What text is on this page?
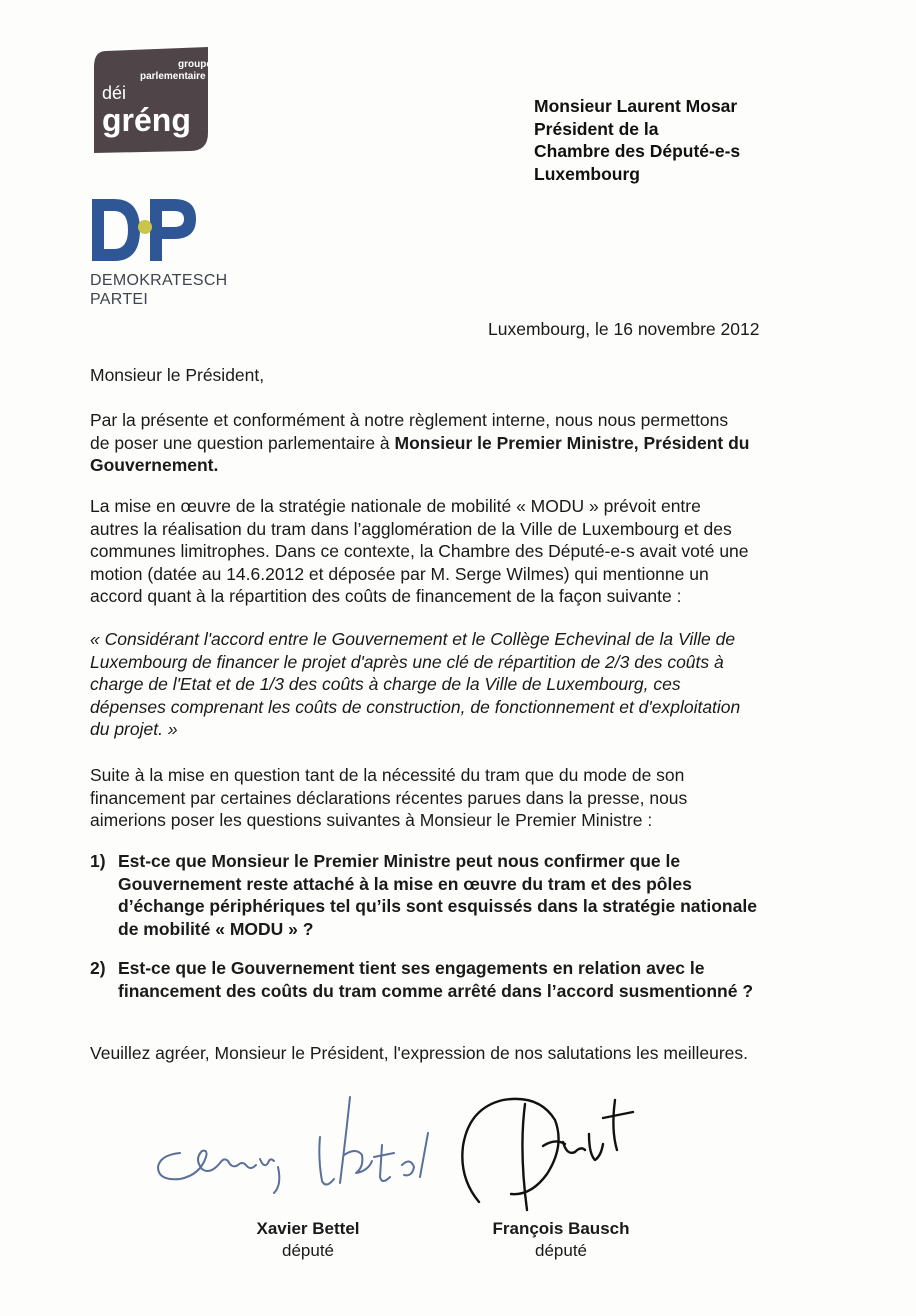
groupe
parlementaire
déi
gréng
DEMOKRATESCH
PARTEI
Monsieur Laurent Mosar
Président de la
Chambre des Député-e-s
Luxembourg
Luxembourg, le 16 novembre 2012
Monsieur le Président,
Par la présente et conformément à notre règlement interne, nous nous permettons
de poser une question parlementaire à Monsieur le Premier Ministre, Président du
Gouvernement.
La mise en œuvre de la stratégie nationale de mobilité « MODU » prévoit entre
autres la réalisation du tram dans l’agglomération de la Ville de Luxembourg et des
communes limitrophes. Dans ce contexte, la Chambre des Député-e-s avait voté une
motion (datée au 14.6.2012 et déposée par M. Serge Wilmes) qui mentionne un
accord quant à la répartition des coûts de financement de la façon suivante :
« Considérant l'accord entre le Gouvernement et le Collège Echevinal de la Ville de
Luxembourg de financer le projet d'après une clé de répartition de 2/3 des coûts à
charge de l'Etat et de 1/3 des coûts à charge de la Ville de Luxembourg, ces
dépenses comprenant les coûts de construction, de fonctionnement et d'exploitation
du projet. »
Suite à la mise en question tant de la nécessité du tram que du mode de son
financement par certaines déclarations récentes parues dans la presse, nous
aimerions poser les questions suivantes à Monsieur le Premier Ministre :
1) Est-ce que Monsieur le Premier Ministre peut nous confirmer que le
Gouvernement reste attaché à la mise en œuvre du tram et des pôles
d’échange périphériques tel qu’ils sont esquissés dans la stratégie nationale
de mobilité « MODU » ?
2) Est-ce que le Gouvernement tient ses engagements en relation avec le
financement des coûts du tram comme arrêté dans l’accord susmentionné ?
Veuillez agréer, Monsieur le Président, l'expression de nos salutations les meilleures.
Xavier Bettel
député
François Bausch
député
